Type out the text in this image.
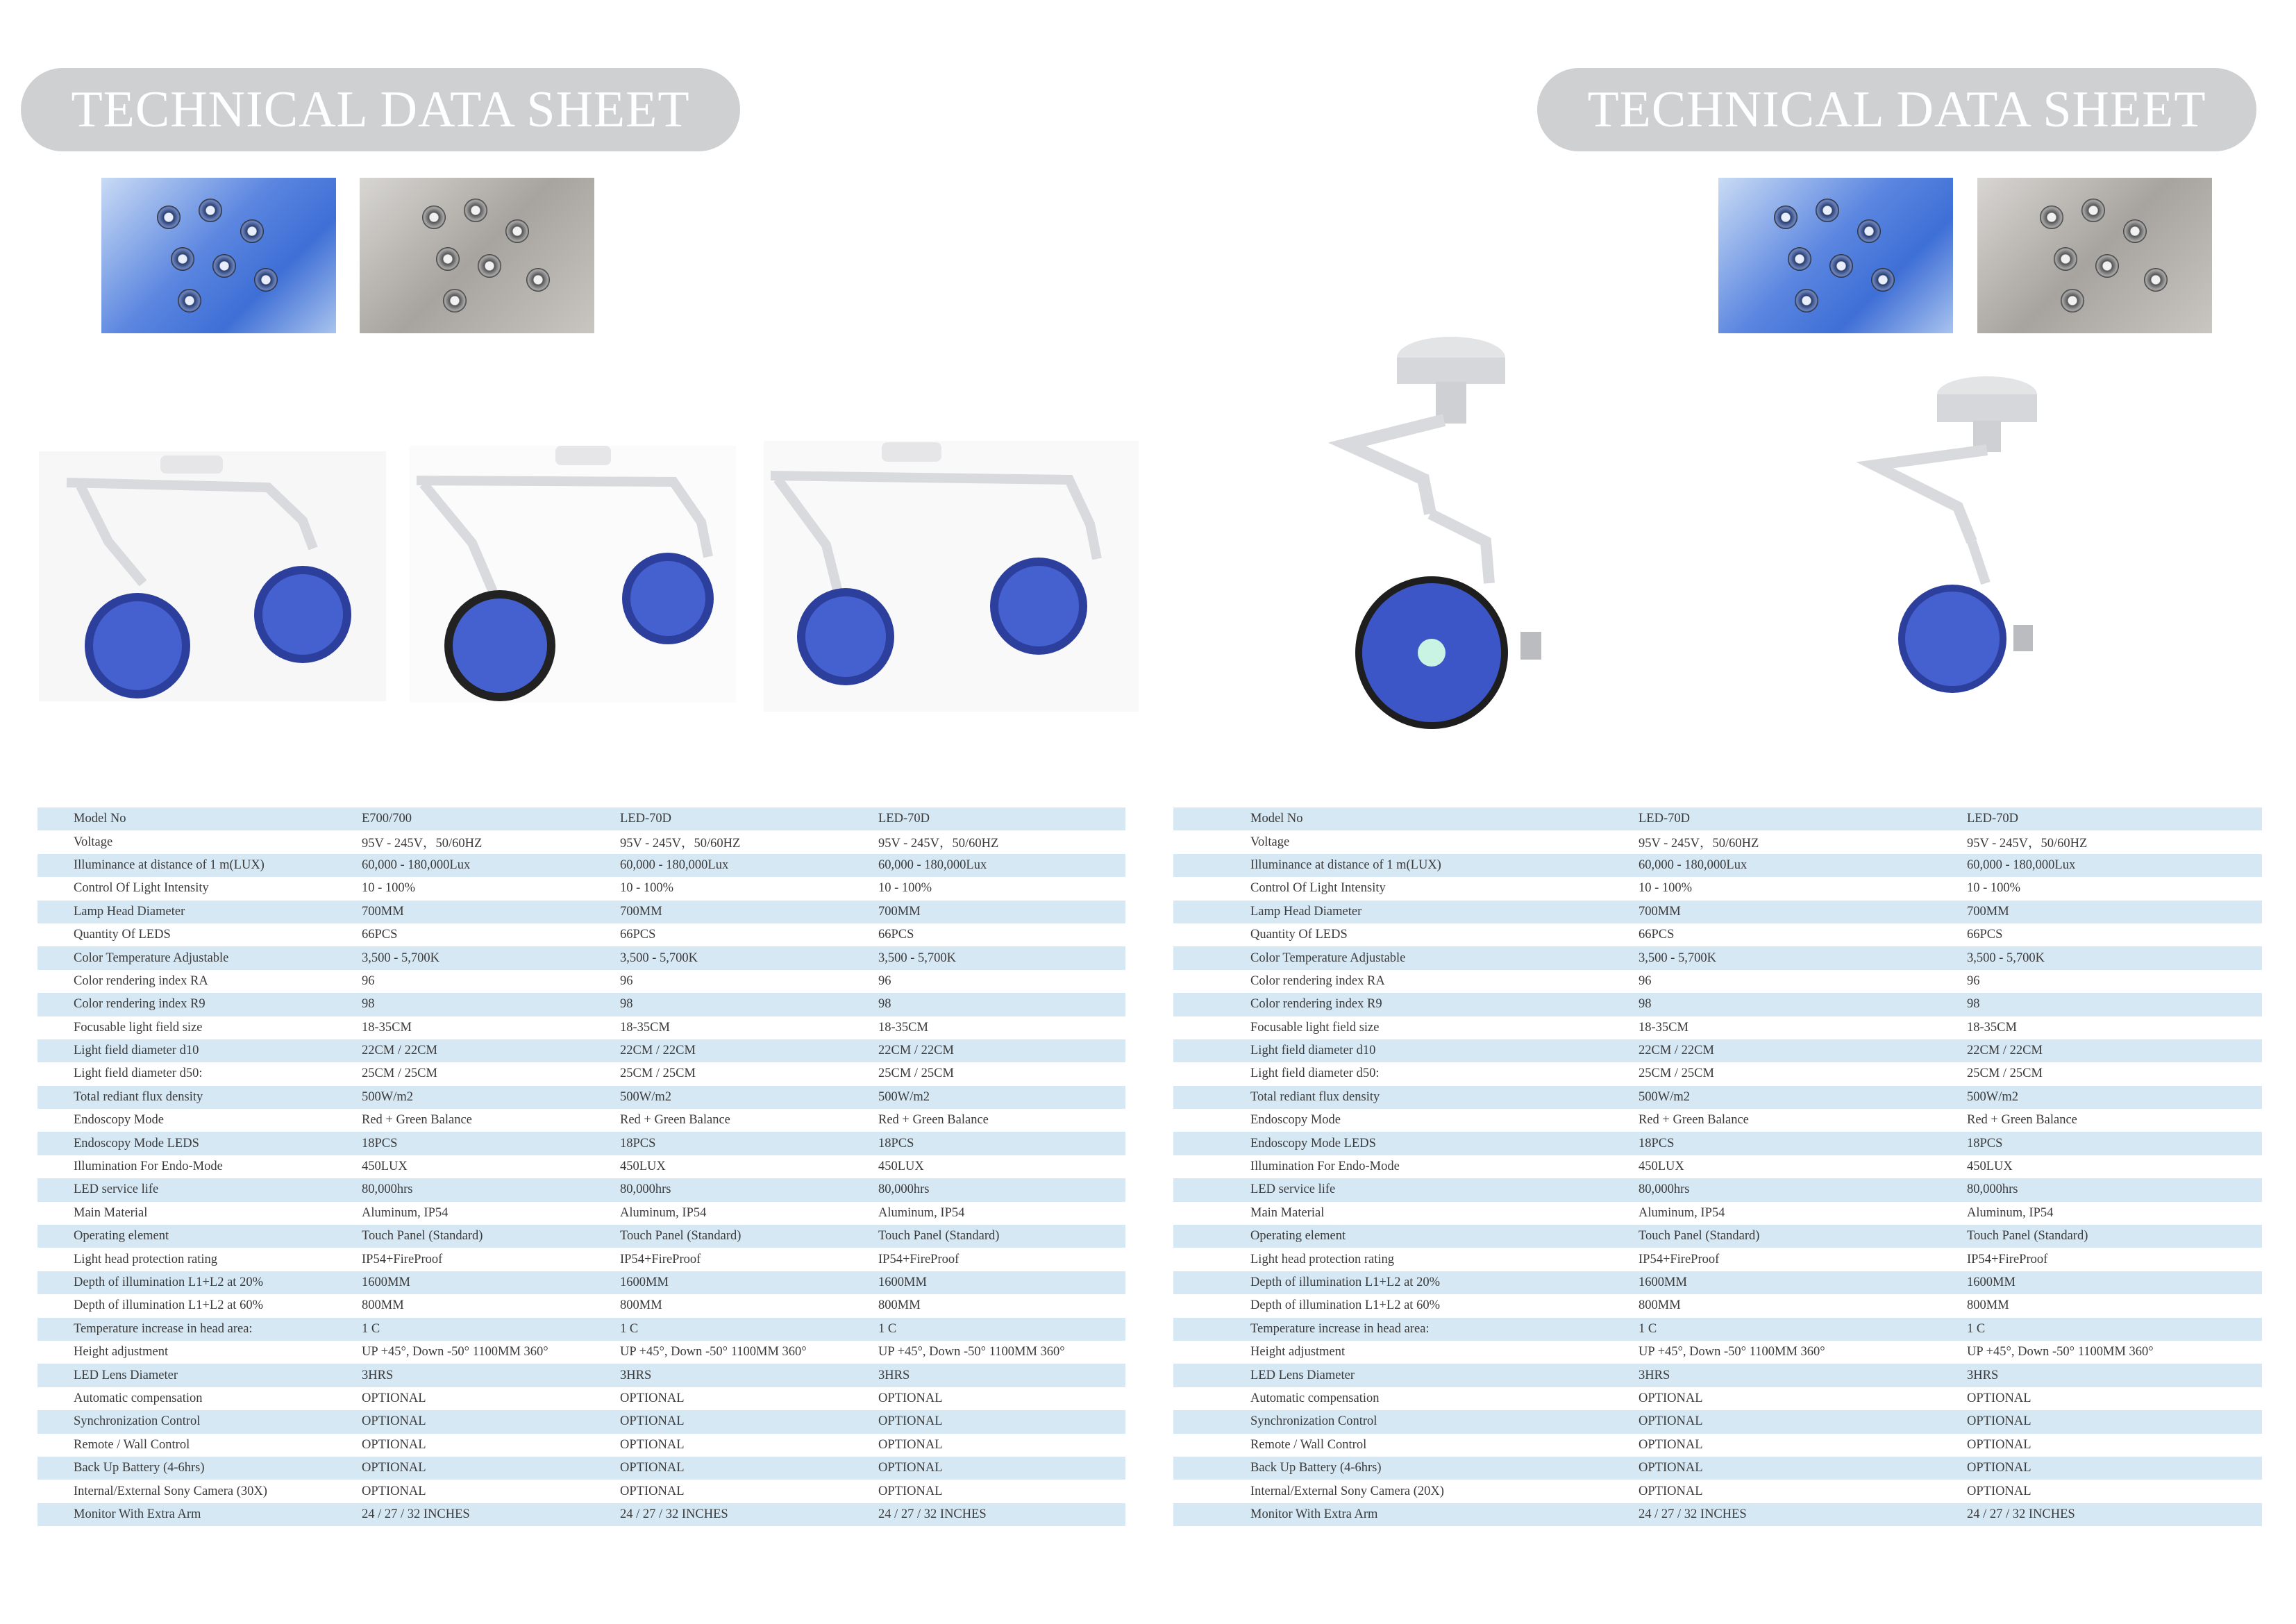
TECHNICAL DATA SHEET
	Model No	E700/700	LED-70D	LED-70D
	Voltage	95V - 245V，50/60HZ	95V - 245V，50/60HZ	95V - 245V，50/60HZ
	Illuminance at distance of 1 m(LUX)	60,000 - 180,000Lux	60,000 - 180,000Lux	60,000 - 180,000Lux
	Control Of Light Intensity	10 - 100%	10 - 100%	10 - 100%
	Lamp Head Diameter	700MM	700MM	700MM
	Quantity Of LEDS	66PCS	66PCS	66PCS
	Color Temperature Adjustable	3,500 - 5,700K	3,500 - 5,700K	3,500 - 5,700K
	Color rendering index RA	96	96	96
	Color rendering index R9	98	98	98
	Focusable light field size	18-35CM	18-35CM	18-35CM
	Light field diameter d10	22CM / 22CM	22CM / 22CM	22CM / 22CM
	Light field diameter d50:	25CM / 25CM	25CM / 25CM	25CM / 25CM
	Total rediant flux density	500W/m2	500W/m2	500W/m2
	Endoscopy Mode	Red + Green Balance	Red + Green Balance	Red + Green Balance
	Endoscopy Mode LEDS	18PCS	18PCS	18PCS
	Illumination For Endo-Mode	450LUX	450LUX	450LUX
	LED service life	80,000hrs	80,000hrs	80,000hrs
	Main Material	Aluminum, IP54	Aluminum, IP54	Aluminum, IP54
	Operating element	Touch Panel (Standard)	Touch Panel (Standard)	Touch Panel (Standard)
	Light head protection rating	IP54+FireProof	IP54+FireProof	IP54+FireProof
	Depth of illumination L1+L2 at 20%	1600MM	1600MM	1600MM
	Depth of illumination L1+L2 at 60%	800MM	800MM	800MM
	Temperature increase in head area:	1 C	1 C	1 C
	Height adjustment	UP +45°, Down -50° 1100MM 360°	UP +45°, Down -50° 1100MM 360°	UP +45°, Down -50° 1100MM 360°
	LED Lens Diameter	3HRS	3HRS	3HRS
	Automatic compensation	OPTIONAL	OPTIONAL	OPTIONAL
	Synchronization Control	OPTIONAL	OPTIONAL	OPTIONAL
	Remote / Wall Control	OPTIONAL	OPTIONAL	OPTIONAL
	Back Up Battery (4-6hrs)	OPTIONAL	OPTIONAL	OPTIONAL
	Internal/External Sony Camera (30X)	OPTIONAL	OPTIONAL	OPTIONAL
	Monitor With Extra Arm	24 / 27 / 32 INCHES	24 / 27 / 32 INCHES	24 / 27 / 32 INCHES
TECHNICAL DATA SHEET
	Model No	LED-70D	LED-70D
	Voltage	95V - 245V，50/60HZ	95V - 245V，50/60HZ
	Illuminance at distance of 1 m(LUX)	60,000 - 180,000Lux	60,000 - 180,000Lux
	Control Of Light Intensity	10 - 100%	10 - 100%
	Lamp Head Diameter	700MM	700MM
	Quantity Of LEDS	66PCS	66PCS
	Color Temperature Adjustable	3,500 - 5,700K	3,500 - 5,700K
	Color rendering index RA	96	96
	Color rendering index R9	98	98
	Focusable light field size	18-35CM	18-35CM
	Light field diameter d10	22CM / 22CM	22CM / 22CM
	Light field diameter d50:	25CM / 25CM	25CM / 25CM
	Total rediant flux density	500W/m2	500W/m2
	Endoscopy Mode	Red + Green Balance	Red + Green Balance
	Endoscopy Mode LEDS	18PCS	18PCS
	Illumination For Endo-Mode	450LUX	450LUX
	LED service life	80,000hrs	80,000hrs
	Main Material	Aluminum, IP54	Aluminum, IP54
	Operating element	Touch Panel (Standard)	Touch Panel (Standard)
	Light head protection rating	IP54+FireProof	IP54+FireProof
	Depth of illumination L1+L2 at 20%	1600MM	1600MM
	Depth of illumination L1+L2 at 60%	800MM	800MM
	Temperature increase in head area:	1 C	1 C
	Height adjustment	UP +45°, Down -50° 1100MM 360°	UP +45°, Down -50° 1100MM 360°
	LED Lens Diameter	3HRS	3HRS
	Automatic compensation	OPTIONAL	OPTIONAL
	Synchronization Control	OPTIONAL	OPTIONAL
	Remote / Wall Control	OPTIONAL	OPTIONAL
	Back Up Battery (4-6hrs)	OPTIONAL	OPTIONAL
	Internal/External Sony Camera (20X)	OPTIONAL	OPTIONAL
	Monitor With Extra Arm	24 / 27 / 32 INCHES	24 / 27 / 32 INCHES
